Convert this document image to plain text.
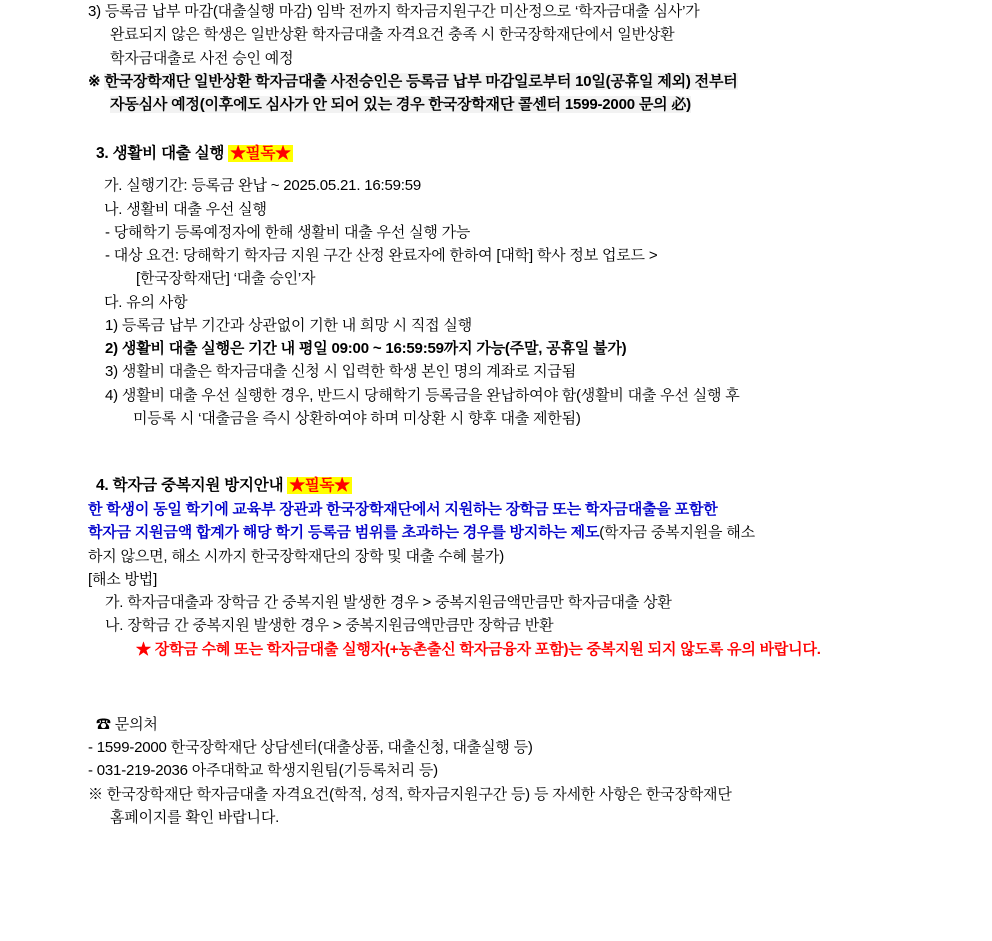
3) 등록금 납부 마감(대출실행 마감) 임박 전까지 학자금지원구간 미산정으로 ‘학자금대출 심사’가
완료되지 않은 학생은 일반상환 학자금대출 자격요건 충족 시 한국장학재단에서 일반상환
학자금대출로 사전 승인 예정
※ 한국장학재단 일반상환 학자금대출 사전승인은 등록금 납부 마감일로부터 10일(공휴일 제외) 전부터
자동심사 예정(이후에도 심사가 안 되어 있는 경우 한국장학재단 콜센터 1599-2000 문의 必)
3. 생활비 대출 실행 ★필독★
가. 실행기간: 등록금 완납 ~ 2025.05.21. 16:59:59
나. 생활비 대출 우선 실행
- 당해학기 등록예정자에 한해 생활비 대출 우선 실행 가능
- 대상 요건: 당해학기 학자금 지원 구간 산정 완료자에 한하여 [대학] 학사 정보 업로드 >
[한국장학재단] ‘대출 승인’자
다. 유의 사항
1) 등록금 납부 기간과 상관없이 기한 내 희망 시 직접 실행
2) 생활비 대출 실행은 기간 내 평일 09:00 ~ 16:59:59까지 가능(주말, 공휴일 불가)
3) 생활비 대출은 학자금대출 신청 시 입력한 학생 본인 명의 계좌로 지급됨
4) 생활비 대출 우선 실행한 경우, 반드시 당해학기 등록금을 완납하여야 함(생활비 대출 우선 실행 후
미등록 시 ‘대출금을 즉시 상환하여야 하며 미상환 시 향후 대출 제한됨)
4. 학자금 중복지원 방지안내 ★필독★
한 학생이 동일 학기에 교육부 장관과 한국장학재단에서 지원하는 장학금 또는 학자금대출을 포함한
학자금 지원금액 합계가 해당 학기 등록금 범위를 초과하는 경우를 방지하는 제도(학자금 중복지원을 해소
하지 않으면, 해소 시까지 한국장학재단의 장학 및 대출 수혜 불가)
[해소 방법]
가. 학자금대출과 장학금 간 중복지원 발생한 경우 > 중복지원금액만큼만 학자금대출 상환
나. 장학금 간 중복지원 발생한 경우 > 중복지원금액만큼만 장학금 반환
★ 장학금 수혜 또는 학자금대출 실행자(+농촌출신 학자금융자 포함)는 중복지원 되지 않도록 유의 바랍니다.
☎ 문의처
- 1599-2000 한국장학재단 상담센터(대출상품, 대출신청, 대출실행 등)
- 031-219-2036 아주대학교 학생지원팀(기등록처리 등)
※ 한국장학재단 학자금대출 자격요건(학적, 성적, 학자금지원구간 등) 등 자세한 사항은 한국장학재단
홈페이지를 확인 바랍니다.
